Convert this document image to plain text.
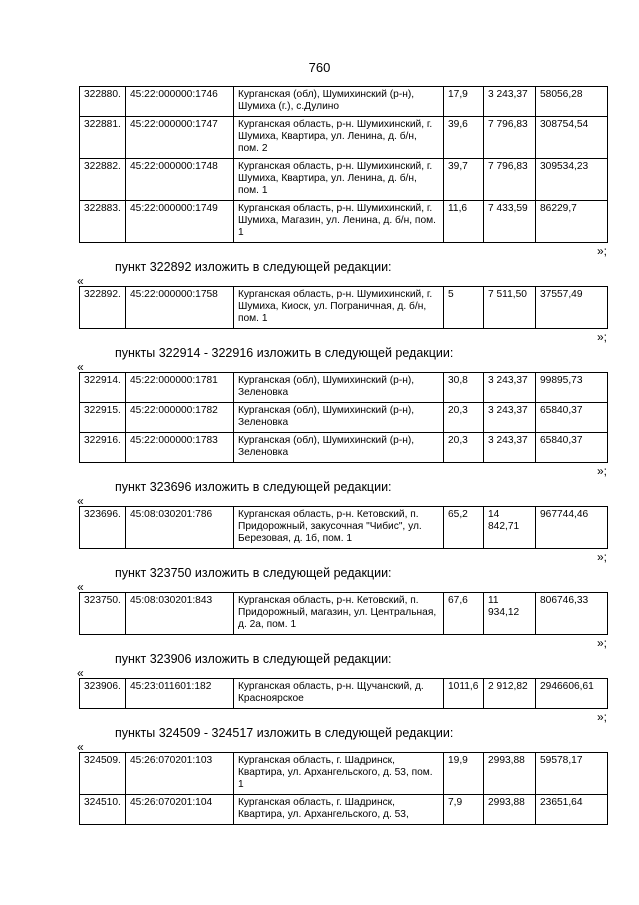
760
322880.	45:22:000000:1746	Курганская (обл), Шумихинский (р-н), Шумиха (г.), с.Дулино	17,9	3 243,37	58056,28
322881.	45:22:000000:1747	Курганская область, р-н. Шумихинский, г. Шумиха, Квартира, ул. Ленина, д. б/н, пом. 2	39,6	7 796,83	308754,54
322882.	45:22:000000:1748	Курганская область, р-н. Шумихинский, г. Шумиха, Квартира, ул. Ленина, д. б/н, пом. 1	39,7	7 796,83	309534,23
322883.	45:22:000000:1749	Курганская область, р-н. Шумихинский, г. Шумиха, Магазин, ул. Ленина, д. б/н, пом. 1	11,6	7 433,59	86229,7
»;
пункт 322892 изложить в следующей редакции:
«
322892.	45:22:000000:1758	Курганская область, р-н. Шумихинский, г. Шумиха, Киоск, ул. Пограничная, д. б/н, пом. 1	5	7 511,50	37557,49
»;
пункты 322914 - 322916 изложить в следующей редакции:
«
322914.	45:22:000000:1781	Курганская (обл), Шумихинский (р-н), Зеленовка	30,8	3 243,37	99895,73
322915.	45:22:000000:1782	Курганская (обл), Шумихинский (р-н), Зеленовка	20,3	3 243,37	65840,37
322916.	45:22:000000:1783	Курганская (обл), Шумихинский (р-н), Зеленовка	20,3	3 243,37	65840,37
»;
пункт 323696 изложить в следующей редакции:
«
323696.	45:08:030201:786	Курганская область, р-н. Кетовский, п. Придорожный, закусочная "Чибис", ул. Березовая, д. 1б, пом. 1	65,2	14 842,71	967744,46
»;
пункт 323750 изложить в следующей редакции:
«
323750.	45:08:030201:843	Курганская область, р-н. Кетовский, п. Придорожный, магазин, ул. Центральная, д. 2а, пом. 1	67,6	11 934,12	806746,33
»;
пункт 323906 изложить в следующей редакции:
«
323906.	45:23:011601:182	Курганская область, р-н. Щучанский, д. Красноярское	1011,6	2 912,82	2946606,61
»;
пункты 324509 - 324517 изложить в следующей редакции:
«
324509.	45:26:070201:103	Курганская область, г. Шадринск, Квартира, ул. Архангельского, д. 53, пом. 1	19,9	2993,88	59578,17
324510.	45:26:070201:104	Курганская область, г. Шадринск, Квартира, ул. Архангельского, д. 53,	7,9	2993,88	23651,64
